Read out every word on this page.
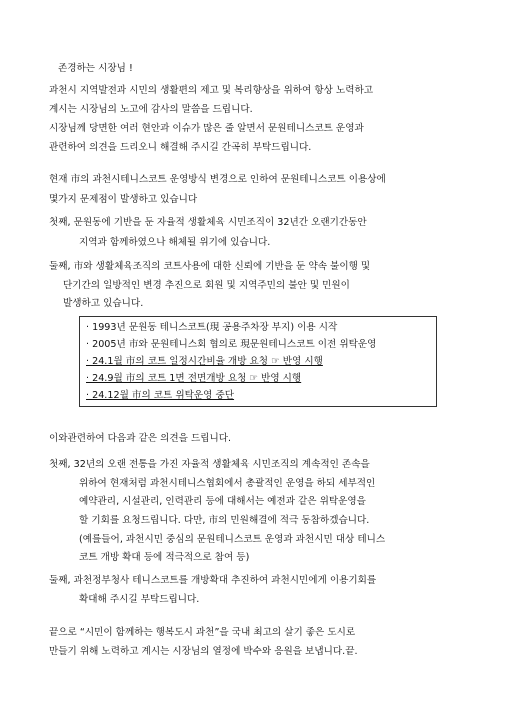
존경하는 시장님 !
과천시 지역발전과 시민의 생활편의 제고 및 복리향상을 위하여 항상 노력하고
계시는 시장님의 노고에 감사의 말씀을 드립니다.
시장님께 당면한 여러 현안과 이슈가 많은 줄 알면서 문원테니스코트 운영과
관련하여 의견을 드리오니 해결해 주시길 간곡히 부탁드립니다.
현재 市의 과천시테니스코트 운영방식 변경으로 인하여 문원테니스코트 이용상에
몇가지 문제점이 발생하고 있습니다
첫째, 문원동에 기반을 둔 자율적 생활체육 시민조직이 32년간 오랜기간동안
지역과 함께하였으나 해체될 위기에 있습니다.
둘째, 市와 생활체육조직의 코트사용에 대한 신뢰에 기반을 둔 약속 불이행 및
단기간의 일방적인 변경 추진으로 회원 및 지역주민의 불안 및 민원이
발생하고 있습니다.
· 1993년 문원동 테니스코트(現 공용주차장 부지) 이용 시작
· 2005년 市와 문원테니스회 협의로 現문원테니스코트 이전 위탁운영
· 24.1월 市의 코트 일정시간비율 개방 요청 ☞ 반영 시행
· 24.9월 市의 코트 1면 전면개방 요청 ☞ 반영 시행
· 24.12월 市의 코트 위탁운영 중단
이와관련하여 다음과 같은 의견을 드립니다.
첫째, 32년의 오랜 전통을 가진 자율적 생활체육 시민조직의 계속적인 존속을
위하여 현재처럼 과천시테니스협회에서 총괄적인 운영을 하되 세부적인
예약관리, 시설관리, 인력관리 등에 대해서는 예전과 같은 위탁운영을
할 기회를 요청드립니다. 다만, 市의 민원해결에 적극 동참하겠습니다.
(예를들어, 과천시민 중심의 문원테니스코트 운영과 과천시민 대상 테니스
코트 개방 확대 등에 적극적으로 참여 등)
둘째, 과천정부청사 테니스코트를 개방확대 추진하여 과천시민에게 이용기회를
확대해 주시길 부탁드립니다.
끝으로 “시민이 함께하는 행복도시 과천”을 국내 최고의 살기 좋은 도시로
만들기 위해 노력하고 계시는 시장님의 열정에 박수와 응원을 보냅니다.끝.
